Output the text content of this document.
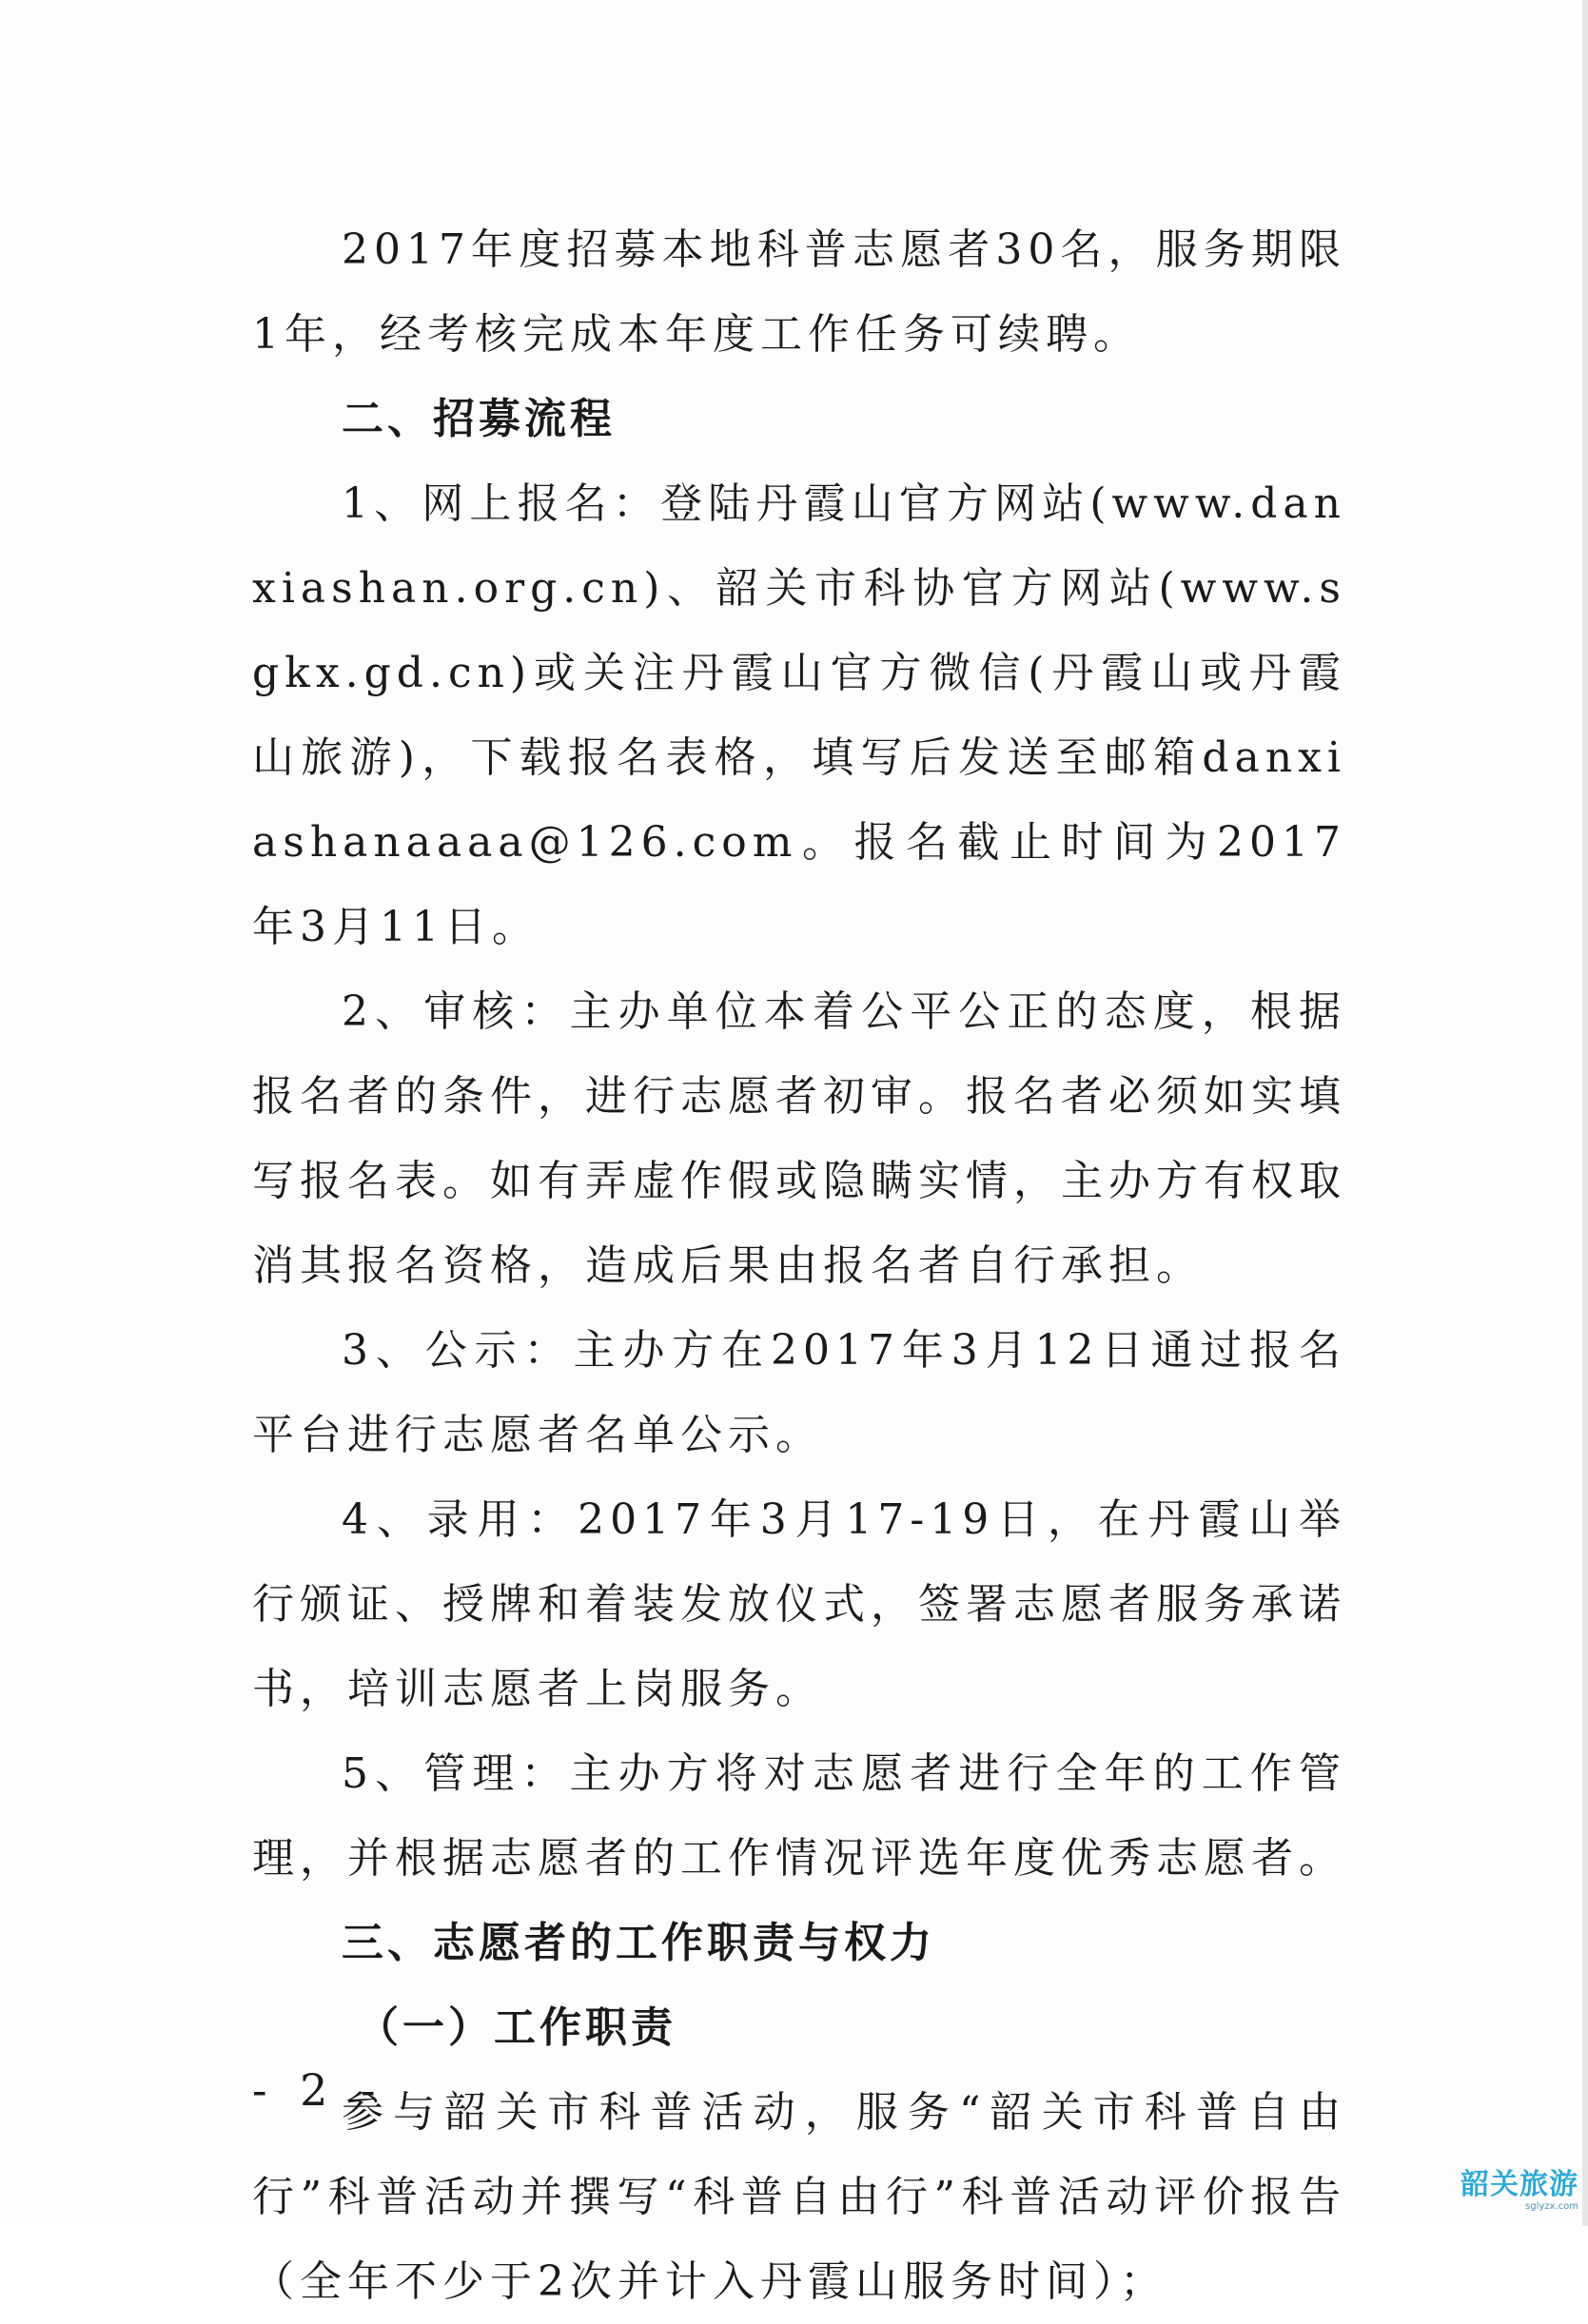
2017年度招募本地科普志愿者30名，服务期限1年，经考核完成本年度工作任务可续聘。

二、招募流程

1、网上报名：登陆丹霞山官方网站(www.danxiashan.org.cn)、韶关市科协官方网站(www.sgkx.gd.cn)或关注丹霞山官方微信(丹霞山或丹霞山旅游)，下载报名表格，填写后发送至邮箱danxiashanaaaa@126.com。报名截止时间为2017年3月11日。

2、审核：主办单位本着公平公正的态度，根据报名者的条件，进行志愿者初审。报名者必须如实填写报名表。如有弄虚作假或隐瞒实情，主办方有权取消其报名资格，造成后果由报名者自行承担。

3、公示：主办方在2017年3月12日通过报名平台进行志愿者名单公示。

4、录用：2017年3月17-19日，在丹霞山举行颁证、授牌和着装发放仪式，签署志愿者服务承诺书，培训志愿者上岗服务。

5、管理：主办方将对志愿者进行全年的工作管理，并根据志愿者的工作情况评选年度优秀志愿者。

三、志愿者的工作职责与权力

（一）工作职责

参与韶关市科普活动，服务“韶关市科普自由行”科普活动并撰写“科普自由行”科普活动评价报告（全年不少于2次并计入丹霞山服务时间）；

- 2 -
韶关旅游
sglyzx.com
